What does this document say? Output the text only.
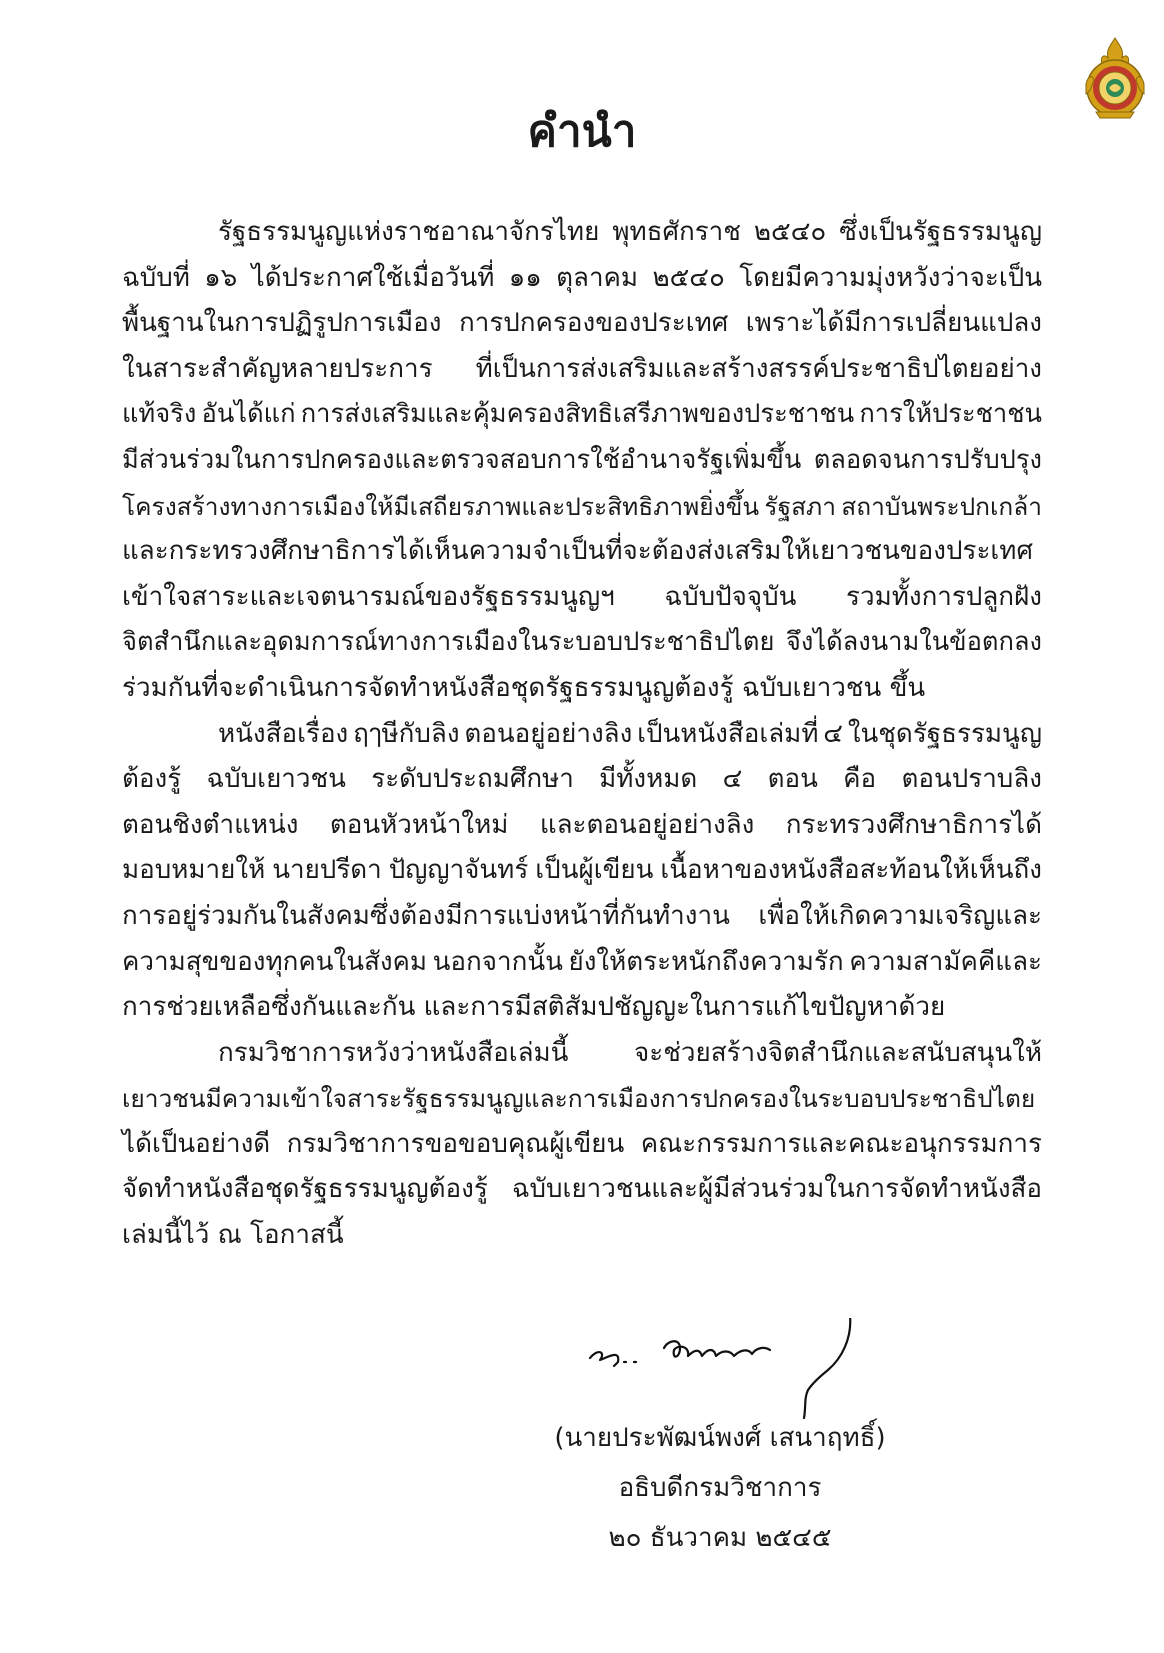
คำนำ
รัฐธรรมนูญแห่งราชอาณาจักรไทย พุทธศักราช ๒๕๔๐ ซึ่งเป็นรัฐธรรมนูญ
ฉบับที่ ๑๖ ได้ประกาศใช้เมื่อวันที่ ๑๑ ตุลาคม ๒๕๔๐ โดยมีความมุ่งหวังว่าจะเป็น
พื้นฐานในการปฏิรูปการเมือง การปกครองของประเทศ เพราะได้มีการเปลี่ยนแปลง
ในสาระสำคัญหลายประการ ที่เป็นการส่งเสริมและสร้างสรรค์ประชาธิปไตยอย่าง
แท้จริง อันได้แก่ การส่งเสริมและคุ้มครองสิทธิเสรีภาพของประชาชน การให้ประชาชน
มีส่วนร่วมในการปกครองและตรวจสอบการใช้อำนาจรัฐเพิ่มขึ้น ตลอดจนการปรับปรุง
โครงสร้างทางการเมืองให้มีเสถียรภาพและประสิทธิภาพยิ่งขึ้น รัฐสภา สถาบันพระปกเกล้า
และกระทรวงศึกษาธิการได้เห็นความจำเป็นที่จะต้องส่งเสริมให้เยาวชนของประเทศ
เข้าใจสาระและเจตนารมณ์ของรัฐธรรมนูญฯ ฉบับปัจจุบัน รวมทั้งการปลูกฝัง
จิตสำนึกและอุดมการณ์ทางการเมืองในระบอบประชาธิปไตย จึงได้ลงนามในข้อตกลง
ร่วมกันที่จะดำเนินการจัดทำหนังสือชุดรัฐธรรมนูญต้องรู้ ฉบับเยาวชน ขึ้น
หนังสือเรื่อง ฤๅษีกับลิง ตอนอยู่อย่างลิง เป็นหนังสือเล่มที่ ๔ ในชุดรัฐธรรมนูญ
ต้องรู้ ฉบับเยาวชน ระดับประถมศึกษา มีทั้งหมด ๔ ตอน คือ ตอนปราบลิง
ตอนชิงตำแหน่ง ตอนหัวหน้าใหม่ และตอนอยู่อย่างลิง กระทรวงศึกษาธิการได้
มอบหมายให้ นายปรีดา ปัญญาจันทร์ เป็นผู้เขียน เนื้อหาของหนังสือสะท้อนให้เห็นถึง
การอยู่ร่วมกันในสังคมซึ่งต้องมีการแบ่งหน้าที่กันทำงาน เพื่อให้เกิดความเจริญและ
ความสุขของทุกคนในสังคม นอกจากนั้น ยังให้ตระหนักถึงความรัก ความสามัคคีและ
การช่วยเหลือซึ่งกันและกัน และการมีสติสัมปชัญญะในการแก้ไขปัญหาด้วย
กรมวิชาการหวังว่าหนังสือเล่มนี้	จะช่วยสร้างจิตสำนึกและสนับสนุนให้
เยาวชนมีความเข้าใจสาระรัฐธรรมนูญและการเมืองการปกครองในระบอบประชาธิปไตย
ได้เป็นอย่างดี กรมวิชาการขอขอบคุณผู้เขียน คณะกรรมการและคณะอนุกรรมการ
จัดทำหนังสือชุดรัฐธรรมนูญต้องรู้ ฉบับเยาวชนและผู้มีส่วนร่วมในการจัดทำหนังสือ
เล่มนี้ไว้ ณ โอกาสนี้
(นายประพัฒน์พงศ์ เสนาฤทธิ์)
อธิบดีกรมวิชาการ
๒๐ ธันวาคม ๒๕๔๕
